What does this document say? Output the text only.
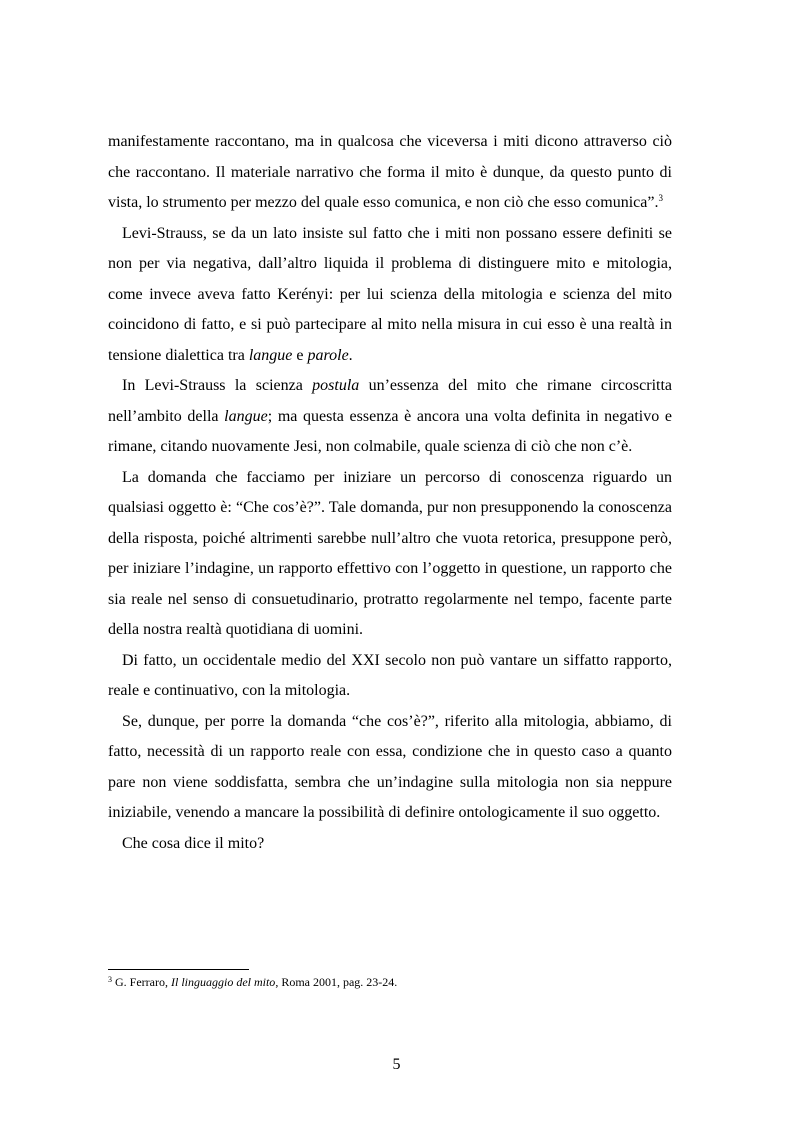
manifestamente raccontano, ma in qualcosa che viceversa i miti dicono attraverso ciò che raccontano. Il materiale narrativo che forma il mito è dunque, da questo punto di vista, lo strumento per mezzo del quale esso comunica, e non ciò che esso comunica”.$^3$

Levi-Strauss, se da un lato insiste sul fatto che i miti non possano essere definiti se non per via negativa, dall’altro liquida il problema di distinguere mito e mitologia, come invece aveva fatto Kerényi: per lui scienza della mitologia e scienza del mito coincidono di fatto, e si può partecipare al mito nella misura in cui esso è una realtà in tensione dialettica tra langue e parole.

In Levi-Strauss la scienza postula un’essenza del mito che rimane circoscritta nell’ambito della langue; ma questa essenza è ancora una volta definita in negativo e rimane, citando nuovamente Jesi, non colmabile, quale scienza di ciò che non c’è.

La domanda che facciamo per iniziare un percorso di conoscenza riguardo un qualsiasi oggetto è: “Che cos’è?”. Tale domanda, pur non presupponendo la conoscenza della risposta, poiché altrimenti sarebbe null’altro che vuota retorica, presuppone però, per iniziare l’indagine, un rapporto effettivo con l’oggetto in questione, un rapporto che sia reale nel senso di consuetudinario, protratto regolarmente nel tempo, facente parte della nostra realtà quotidiana di uomini.

Di fatto, un occidentale medio del XXI secolo non può vantare un siffatto rapporto, reale e continuativo, con la mitologia.

Se, dunque, per porre la domanda “che cos’è?”, riferito alla mitologia, abbiamo, di fatto, necessità di un rapporto reale con essa, condizione che in questo caso a quanto pare non viene soddisfatta, sembra che un’indagine sulla mitologia non sia neppure iniziabile, venendo a mancare la possibilità di definire ontologicamente il suo oggetto.

Che cosa dice il mito?

$^3$ G. Ferraro, Il linguaggio del mito, Roma 2001, pag. 23-24.
5
